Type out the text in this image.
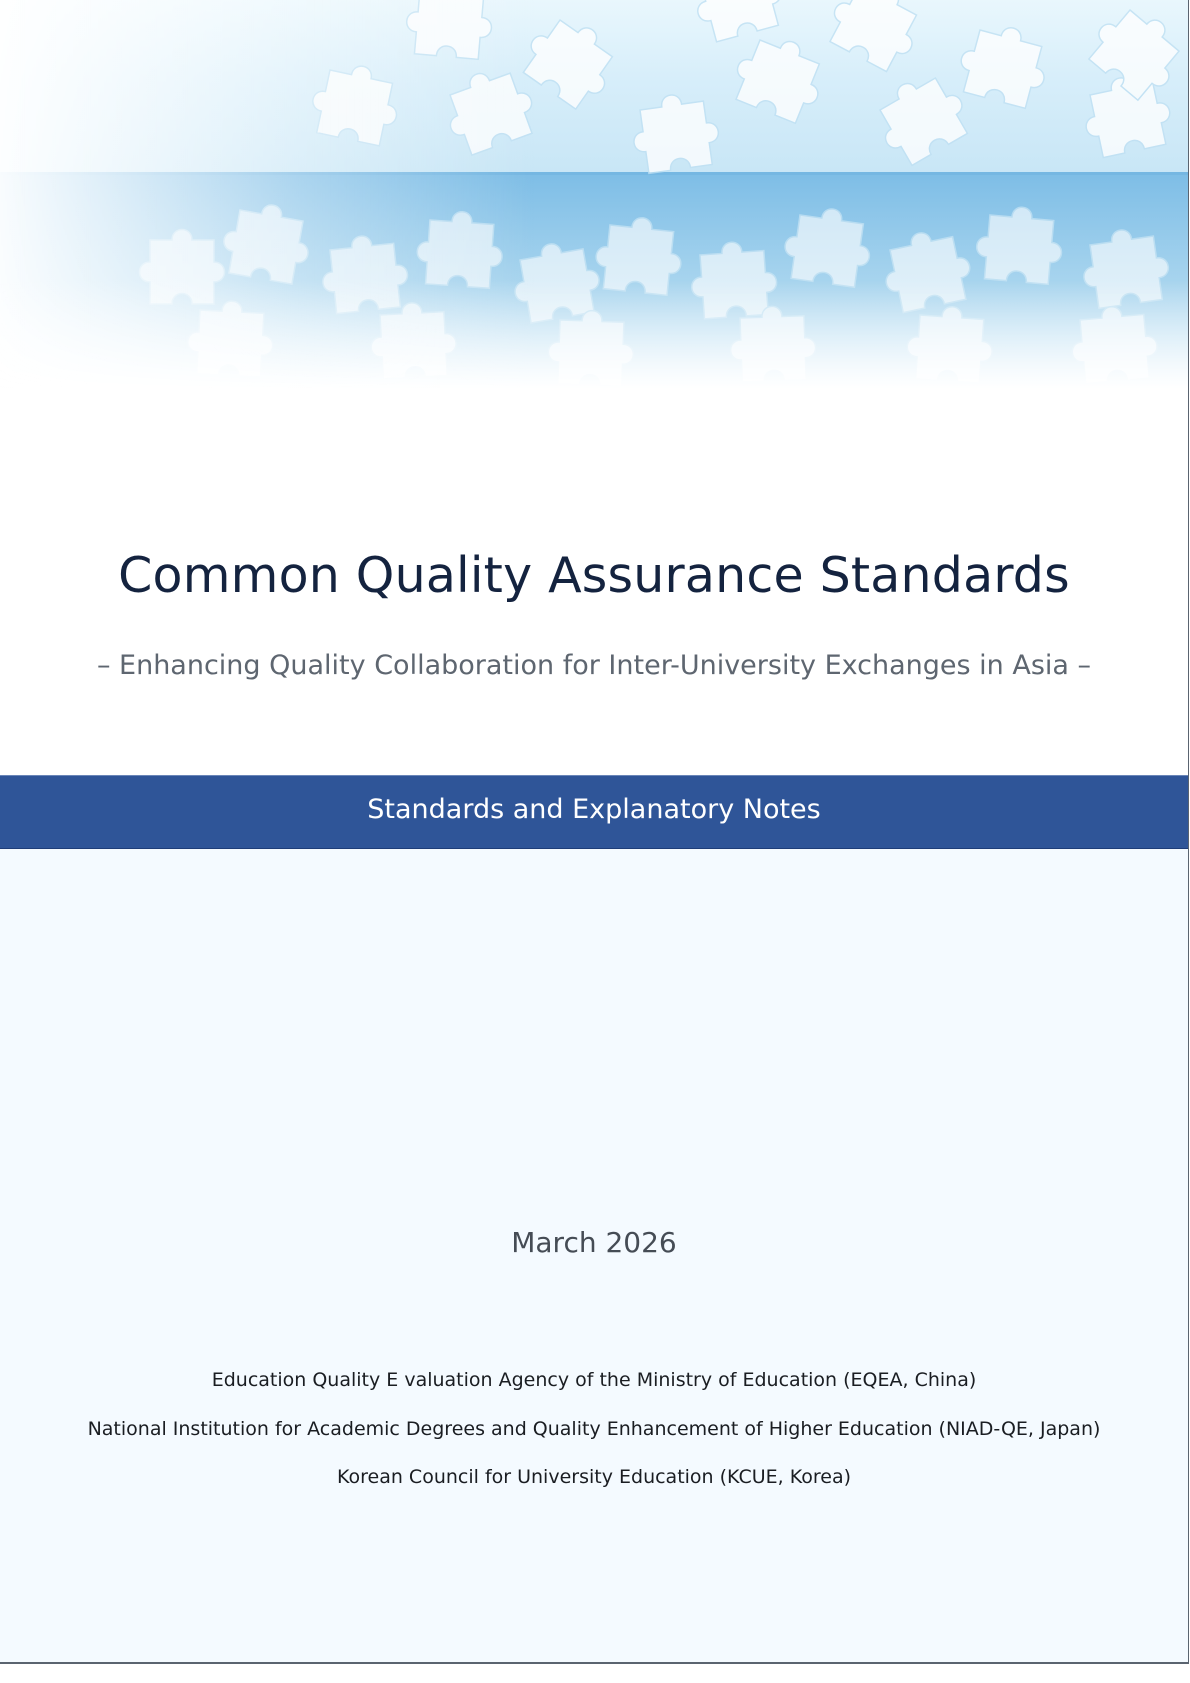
Common Quality Assurance Standards
– Enhancing Quality Collaboration for Inter-University Exchanges in Asia –
Standards and Explanatory Notes
March 2026
Education Quality E valuation Agency of the Ministry of Education (EQEA, China)
National Institution for Academic Degrees and Quality Enhancement of Higher Education (NIAD-QE, Japan)
Korean Council for University Education (KCUE, Korea)
